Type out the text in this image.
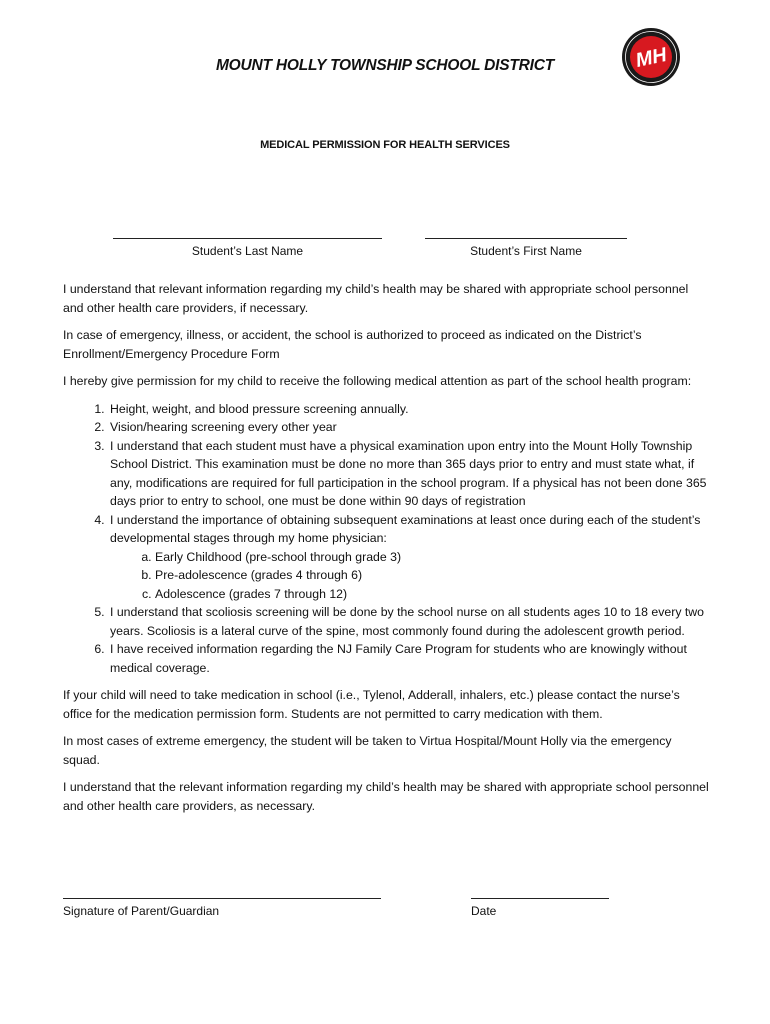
MOUNT HOLLY TOWNSHIP SCHOOL DISTRICT	MH
MEDICAL PERMISSION FOR HEALTH SERVICES
Student’s Last Name	Student’s First Name

I understand that relevant information regarding my child’s health may be shared with appropriate school personnel and other health care providers, if necessary.

In case of emergency, illness, or accident, the school is authorized to proceed as indicated on the District’s Enrollment/Emergency Procedure Form

I hereby give permission for my child to receive the following medical attention as part of the school health program:

1. Height, weight, and blood pressure screening annually.
2. Vision/hearing screening every other year
3. I understand that each student must have a physical examination upon entry into the Mount Holly Township School District. This examination must be done no more than 365 days prior to entry and must state what, if any, modifications are required for full participation in the school program. If a physical has not been done 365 days prior to entry to school, one must be done within 90 days of registration
4. I understand the importance of obtaining subsequent examinations at least once during each of the student’s developmental stages through my home physician:
a. Early Childhood (pre-school through grade 3)
b. Pre-adolescence (grades 4 through 6)
c. Adolescence (grades 7 through 12)
5. I understand that scoliosis screening will be done by the school nurse on all students ages 10 to 18 every two years. Scoliosis is a lateral curve of the spine, most commonly found during the adolescent growth period.
6. I have received information regarding the NJ Family Care Program for students who are knowingly without medical coverage.

If your child will need to take medication in school (i.e., Tylenol, Adderall, inhalers, etc.) please contact the nurse’s office for the medication permission form. Students are not permitted to carry medication with them.

In most cases of extreme emergency, the student will be taken to Virtua Hospital/Mount Holly via the emergency squad.

I understand that the relevant information regarding my child’s health may be shared with appropriate school personnel and other health care providers, as necessary.

Signature of Parent/Guardian	Date
